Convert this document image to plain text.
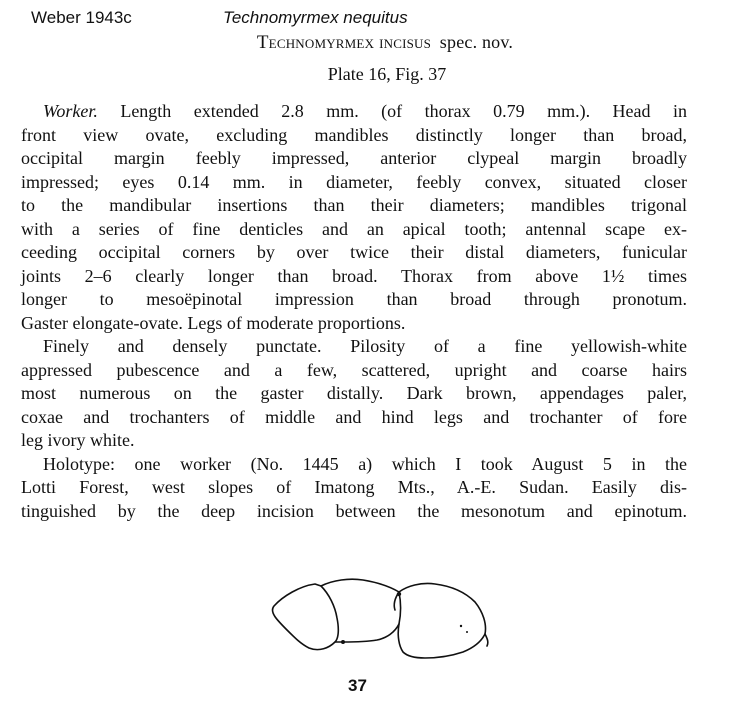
Weber 1943c	Technomyrmex nequitus
Technomyrmex incisus spec. nov.
Plate 16, Fig. 37
Worker. Length extended 2.8 mm. (of thorax 0.79 mm.). Head in
front view ovate, excluding mandibles distinctly longer than broad,
occipital margin feebly impressed, anterior clypeal margin broadly
impressed; eyes 0.14 mm. in diameter, feebly convex, situated closer
to the mandibular insertions than their diameters; mandibles trigonal
with a series of fine denticles and an apical tooth; antennal scape ex-
ceeding occipital corners by over twice their distal diameters, funicular
joints 2–6 clearly longer than broad. Thorax from above 1½ times
longer to mesoëpinotal impression than broad through pronotum.
Gaster elongate-ovate. Legs of moderate proportions.
Finely and densely punctate. Pilosity of a fine yellowish-white
appressed pubescence and a few, scattered, upright and coarse hairs
most numerous on the gaster distally. Dark brown, appendages paler,
coxae and trochanters of middle and hind legs and trochanter of fore
leg ivory white.
Holotype: one worker (No. 1445 a) which I took August 5 in the
Lotti Forest, west slopes of Imatong Mts., A.-E. Sudan. Easily dis-
tinguished by the deep incision between the mesonotum and epinotum.
37
